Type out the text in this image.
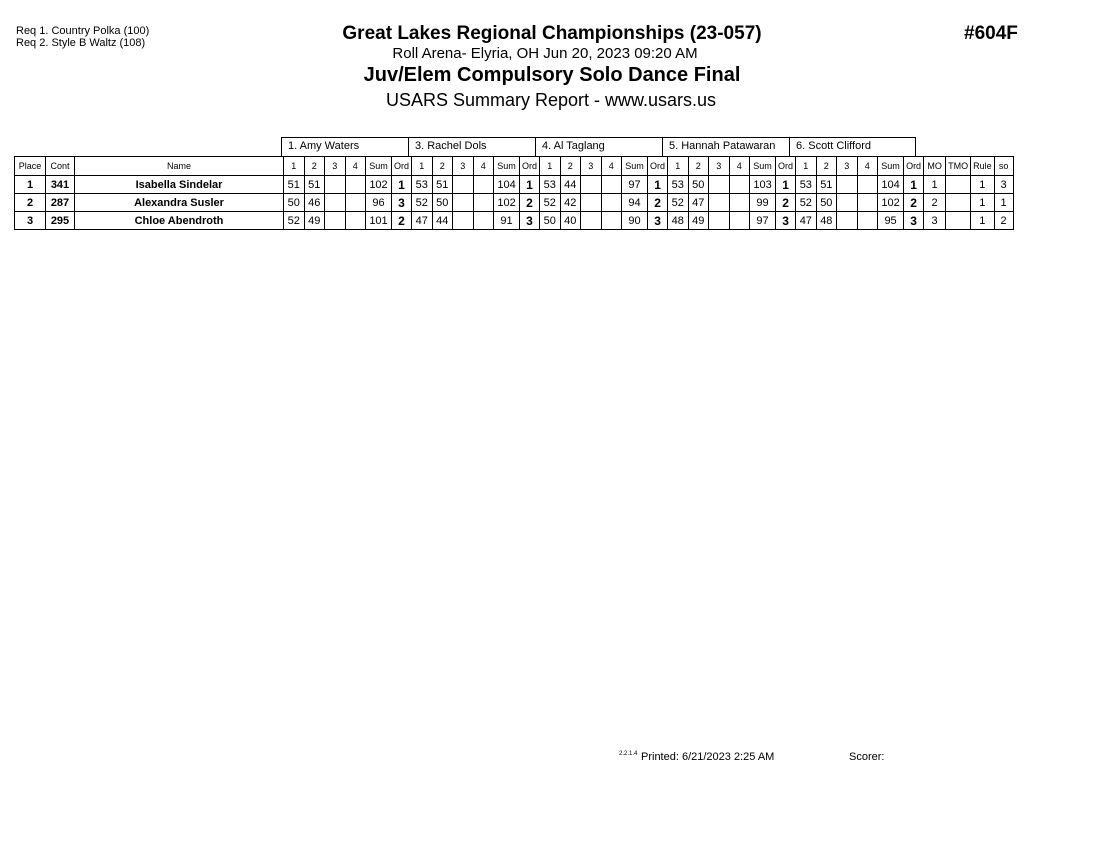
Req 1. Country Polka (100)
Req 2. Style B Waltz (108)	#604F
Great Lakes Regional Championships (23-057)
Roll Arena- Elyria, OH Jun 20, 2023 09:20 AM
Juv/Elem Compulsory Solo Dance Final
USARS Summary Report - www.usars.us
1. Amy Waters	3. Rachel Dols	4. Al Taglang	5. Hannah Patawaran	6. Scott Clifford
Place	Cont	Name	1	2	3	4	Sum	Ord	1	2	3	4	Sum	Ord	1	2	3	4	Sum	Ord	1	2	3	4	Sum	Ord	1	2	3	4	Sum	Ord	MO	TMO	Rule	so
1	341	Isabella Sindelar	51	51			102	1	53	51			104	1	53	44			97	1	53	50			103	1	53	51			104	1	1		1	3
2	287	Alexandra Susler	50	46			96	3	52	50			102	2	52	42			94	2	52	47			99	2	52	50			102	2	2		1	1
3	295	Chloe Abendroth	52	49			101	2	47	44			91	3	50	40			90	3	48	49			97	3	47	48			95	3	3		1	2
2.2.1.4 Printed: 6/21/2023 2:25 AM	Scorer:
